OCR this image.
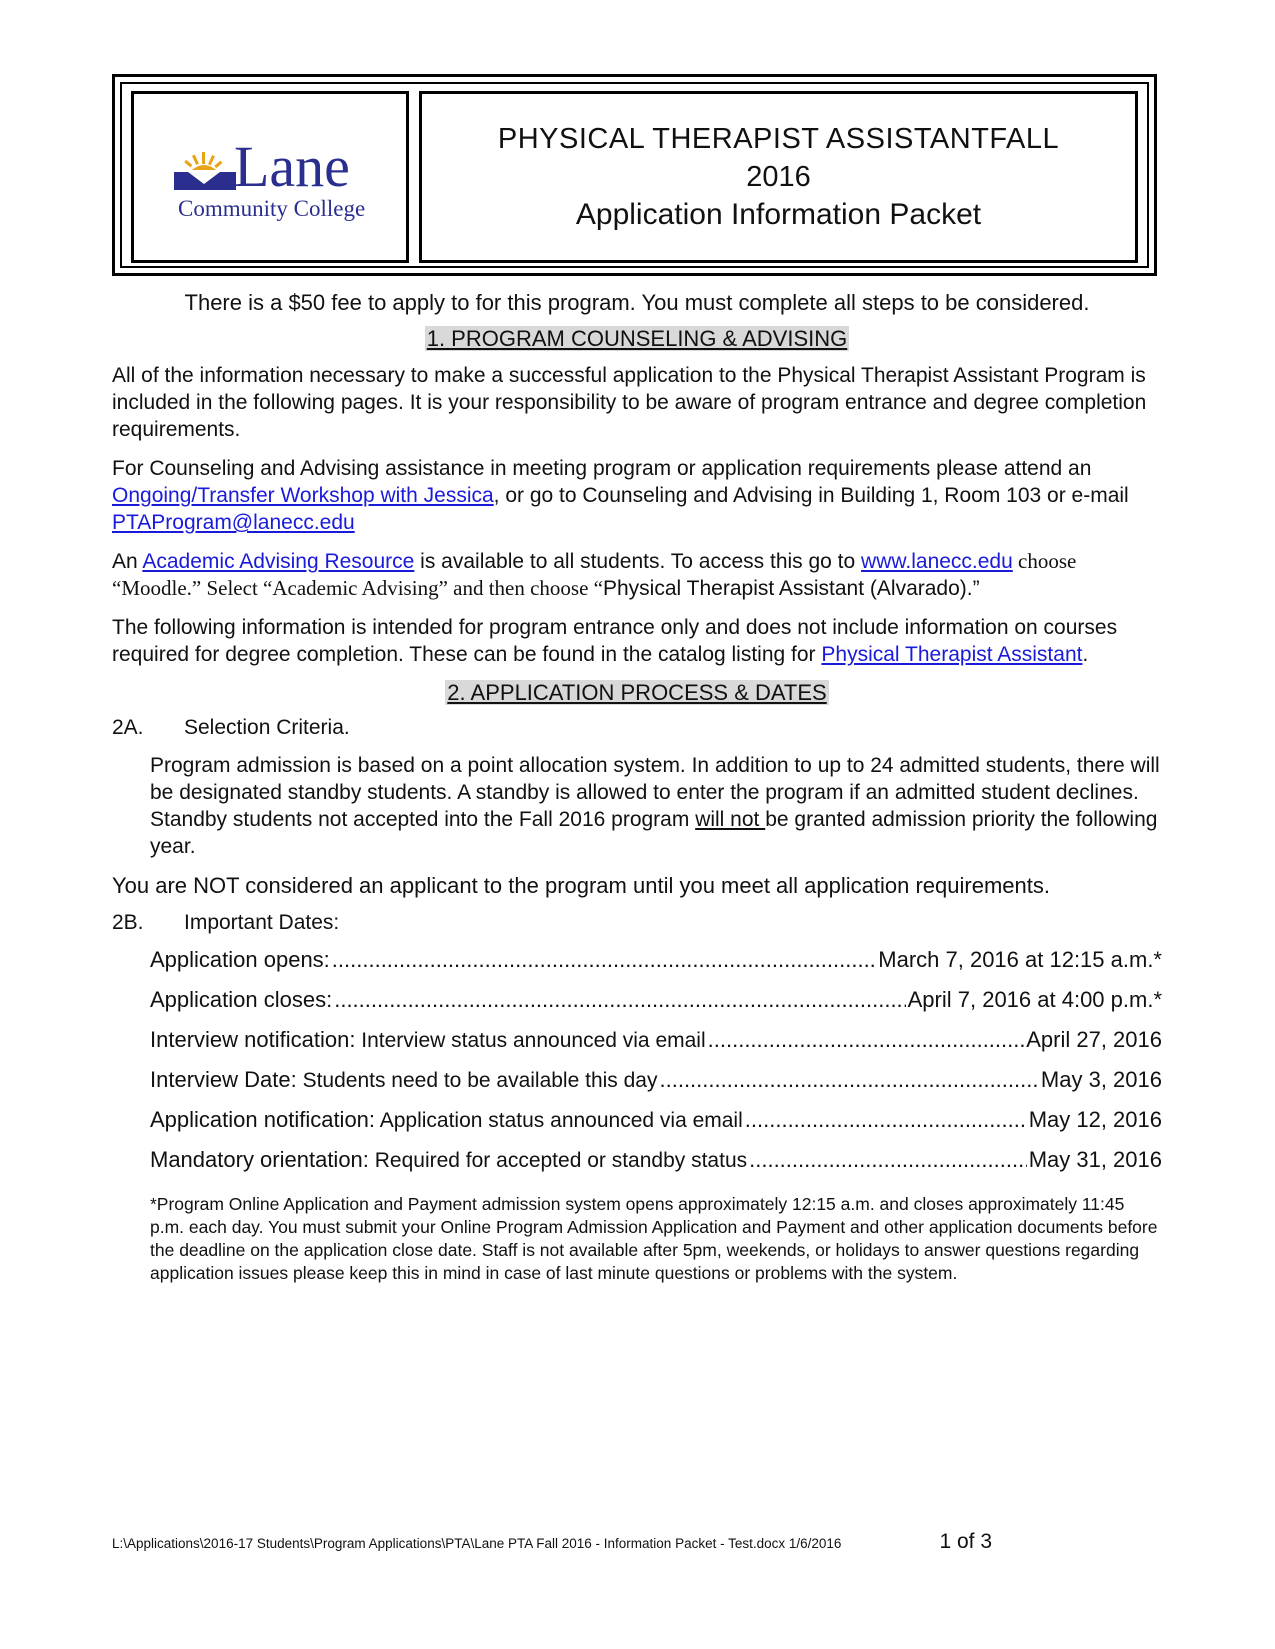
Lane
Community College
PHYSICAL THERAPIST ASSISTANTFALL
2016
Application Information Packet
There is a $50 fee to apply to for this program. You must complete all steps to be considered.
1. PROGRAM COUNSELING & ADVISING

All of the information necessary to make a successful application to the Physical Therapist Assistant Program is included in the following pages. It is your responsibility to be aware of program entrance and degree completion requirements.

For Counseling and Advising assistance in meeting program or application requirements please attend an Ongoing/Transfer Workshop with Jessica, or go to Counseling and Advising in Building 1, Room 103 or e-mail PTAProgram@lanecc.edu

An Academic Advising Resource is available to all students. To access this go to www.lanecc.edu choose “Moodle.” Select “Academic Advising” and then choose “Physical Therapist Assistant (Alvarado).”

The following information is intended for program entrance only and does not include information on courses required for degree completion. These can be found in the catalog listing for Physical Therapist Assistant.

2. APPLICATION PROCESS & DATES
2A.	Selection Criteria.

Program admission is based on a point allocation system. In addition to up to 24 admitted students, there will be designated standby students. A standby is allowed to enter the program if an admitted student declines. Standby students not accepted into the Fall 2016 program will not be granted admission priority the following year.

You are NOT considered an applicant to the program until you meet all application requirements.

2B.	Important Dates:
Application opens: .....	March 7, 2016 at 12:15 a.m.*
Application closes: .....	April 7, 2016 at 4:00 p.m.*
Interview notification: Interview status announced via email .....	April 27, 2016
Interview Date: Students need to be available this day .....	May 3, 2016
Application notification: Application status announced via email .....	May 12, 2016
Mandatory orientation: Required for accepted or standby status .....	May 31, 2016
*Program Online Application and Payment admission system opens approximately 12:15 a.m. and closes approximately 11:45 p.m. each day. You must submit your Online Program Admission Application and Payment and other application documents before the deadline on the application close date. Staff is not available after 5pm, weekends, or holidays to answer questions regarding application issues please keep this in mind in case of last minute questions or problems with the system.
L:\Applications\2016-17 Students\Program Applications\PTA\Lane PTA Fall 2016 - Information Packet - Test.docx 1/6/2016	1 of 3
